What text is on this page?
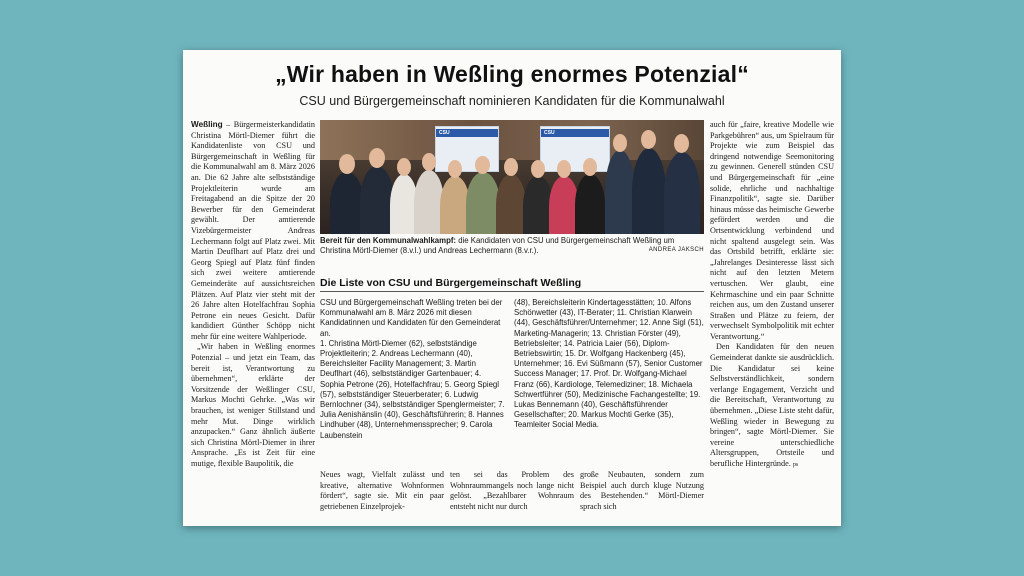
„Wir haben in Weßling enormes Potenzial“
CSU und Bürgergemeinschaft nominieren Kandidaten für die Kommunalwahl

Weßling – Bürgermeisterkandidatin Christina Mörtl-Diemer führt die Kandidatenliste von CSU und Bürgergemeinschaft in Weßling für die Kommunalwahl am 8. März 2026 an. Die 62 Jahre alte selbstständige Projektleiterin wurde am Freitagabend an die Spitze der 20 Bewerber für den Gemeinderat gewählt. Der amtierende Vizebürgermeister Andreas Lechermann folgt auf Platz zwei. Mit Martin Deuflhart auf Platz drei und Georg Spiegl auf Platz fünf finden sich zwei weitere amtierende Gemeinderäte auf aussichtsreichen Plätzen. Auf Platz vier steht mit der 26 Jahre alten Hotelfachfrau Sophia Petrone ein neues Gesicht. Dafür kandidiert Günther Schöpp nicht mehr für eine weitere Wahlperiode.

„Wir haben in Weßling enormes Potenzial – und jetzt ein Team, das bereit ist, Verantwortung zu übernehmen“, erklärte der Vorsitzende der Weßlinger CSU, Markus Mochti Gehrke. „Was wir brauchen, ist weniger Stillstand und mehr Mut. Dinge wirklich anzupacken.“ Ganz ähnlich äußerte sich Christina Mörtl-Diemer in ihrer Ansprache. „Es ist Zeit für eine mutige, flexible Baupolitik, die

CSU	CSU
Bereit für den Kommunalwahlkampf: die Kandidaten von CSU und Bürgergemeinschaft Weßling um Christina Mörtl-Diemer (8.v.l.) und Andreas Lechermann (8.v.r.).	ANDREA JAKSCH
Die Liste von CSU und Bürgergemeinschaft Weßling
CSU und Bürgergemeinschaft Weßling treten bei der Kommunalwahl am 8. März 2026 mit diesen Kandidatinnen und Kandidaten für den Gemeinderat an.
1. Christina Mörtl-Diemer (62), selbstständige Projektleiterin; 2. Andreas Lechermann (40), Bereichsleiter Facility Management; 3. Martin Deuflhart (46), selbstständiger Gartenbauer; 4. Sophia Petrone (26), Hotelfachfrau; 5. Georg Spiegl (57), selbstständiger Steuerberater; 6. Ludwig Bernlochner (34), selbstständiger Spenglermeister; 7. Julia Aenishänslin (40), Geschäftsführerin; 8. Hannes Lindhuber (48), Unternehmenssprecher; 9. Carola Laubenstein
(48), Bereichsleiterin Kindertagesstätten; 10. Alfons Schönwetter (43), IT-Berater; 11. Christian Klarwein (44), Geschäftsführer/Unternehmer; 12. Anne Sigl (51), Marketing-Managerin; 13. Christian Förster (49), Betriebsleiter; 14. Patricia Laier (56), Diplom-Betriebswirtin; 15. Dr. Wolfgang Hackenberg (45), Unternehmer; 16. Evi Süßmann (57), Senior Customer Success Manager; 17. Prof. Dr. Wolfgang-Michael Franz (66), Kardiologe, Telemediziner; 18. Michaela Schwertführer (50), Medizinische Fachangestellte; 19. Lukas Bennemann (40), Geschäftsführender Gesellschafter; 20. Markus Mochti Gerke (35), Teamleiter Social Media.
Neues wagt, Vielfalt zulässt und kreative, alternative Wohnformen fördert“, sagte sie. Mit ein paar getriebenen Einzelprojek-
ten sei das Problem des Wohnraummangels noch lange nicht gelöst. „Bezahlbarer Wohnraum entsteht nicht nur durch
große Neubauten, sondern zum Beispiel auch durch kluge Nutzung des Bestehenden.“ Mörtl-Diemer sprach sich

auch für „faire, kreative Modelle wie Parkgebühren“ aus, um Spielraum für Projekte wie zum Beispiel das dringend notwendige Seemonitoring zu gewinnen. Generell stünden CSU und Bürgergemeinschaft für „eine solide, ehrliche und nachhaltige Finanzpolitik“, sagte sie. Darüber hinaus müsse das heimische Gewerbe gefördert werden und die Ortsentwicklung verbindend und nicht spaltend ausgelegt sein. Was das Ortsbild betrifft, erklärte sie: „Jahrelanges Desinteresse lässt sich nicht auf den letzten Metern vertuschen. Wer glaubt, eine Kehrmaschine und ein paar Schnitte reichen aus, um den Zustand unserer Straßen und Plätze zu feiern, der verwechselt Symbolpolitik mit echter Verantwortung.“

Den Kandidaten für den neuen Gemeinderat dankte sie ausdrücklich. Die Kandidatur sei keine Selbstverständlichkeit, sondern verlange Engagement, Verzicht und die Bereitschaft, Verantwortung zu übernehmen. „Diese Liste steht dafür, Weßling wieder in Bewegung zu bringen“, sagte Mörtl-Diemer. Sie vereine unterschiedliche Altersgruppen, Ortsteile und berufliche Hintergründe. ps
